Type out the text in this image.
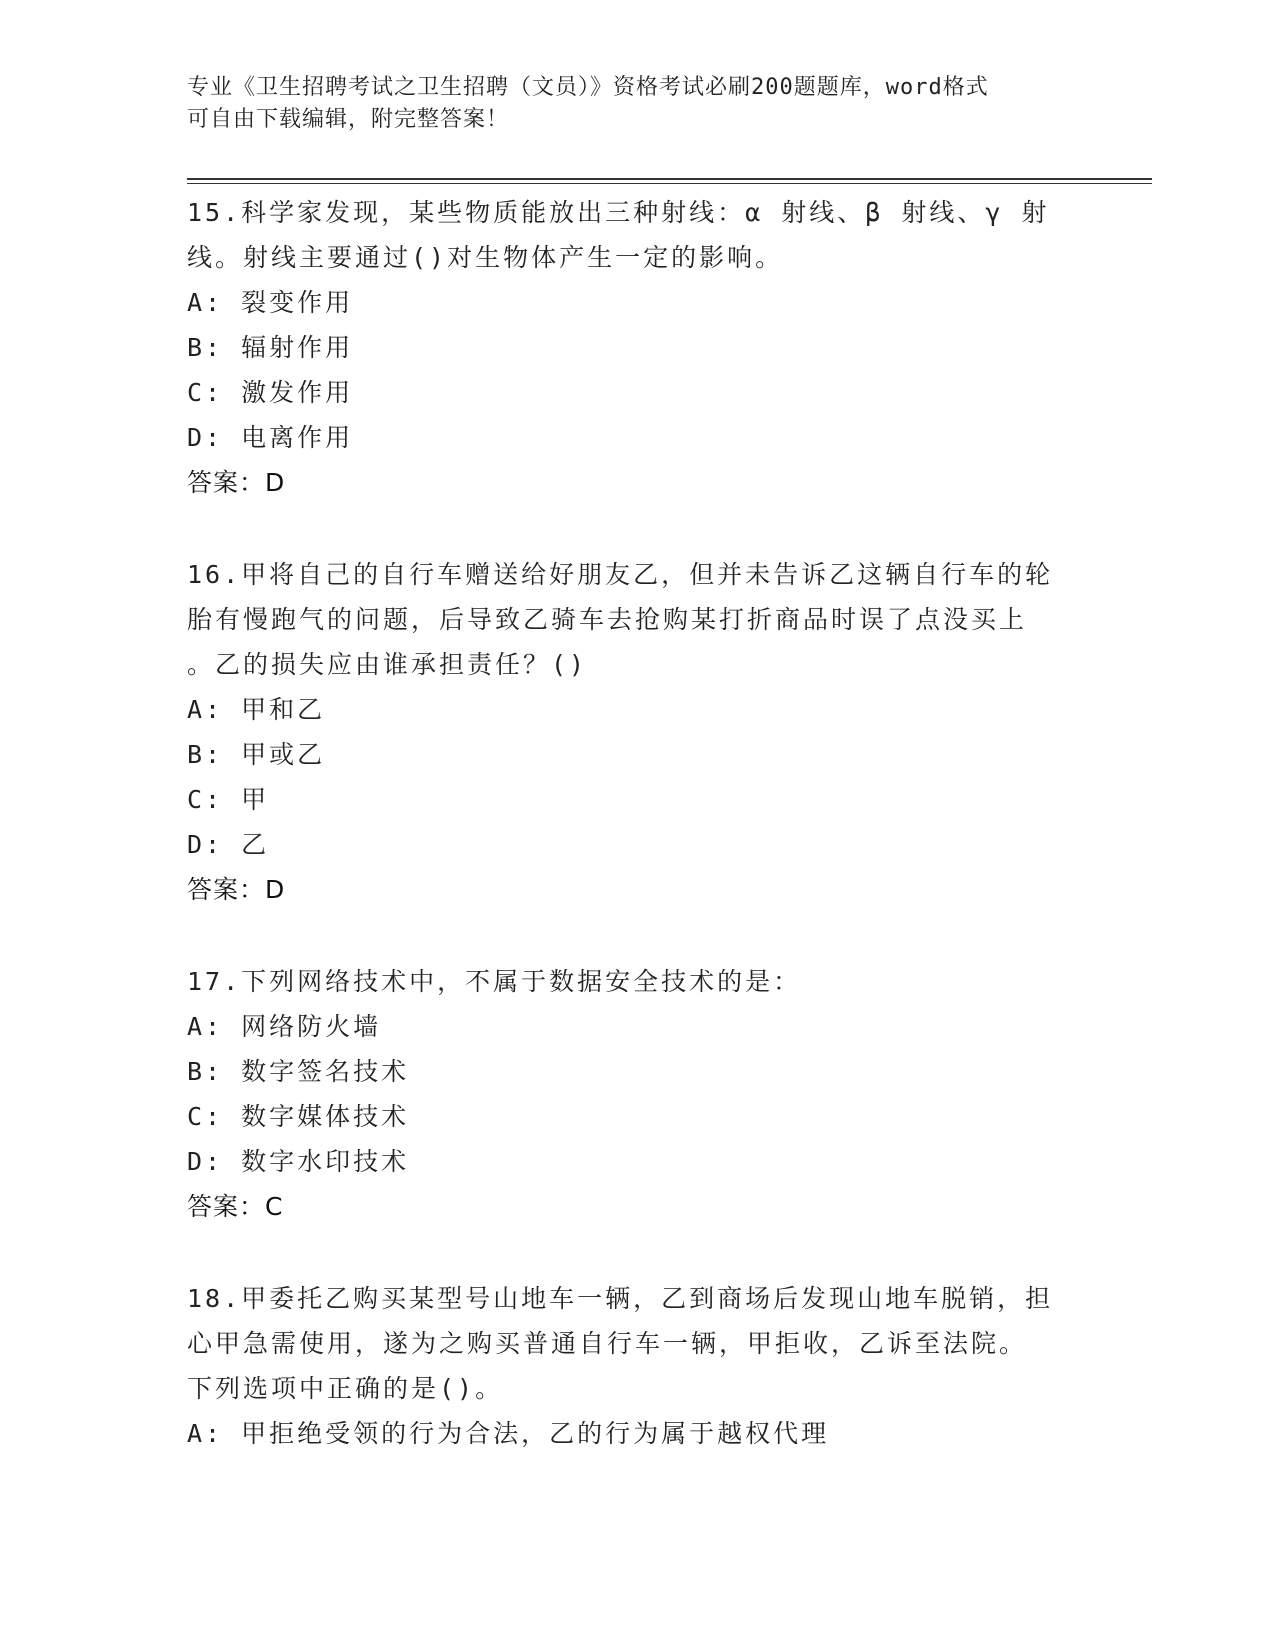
专业《卫生招聘考试之卫生招聘（文员）》资格考试必刷200题题库，word格式
可自由下载编辑，附完整答案！
15.科学家发现，某些物质能放出三种射线：α 射线、β 射线、γ 射
线。射线主要通过()对生物体产生一定的影响。
A: 裂变作用
B: 辐射作用
C: 激发作用
D: 电离作用
答案：D
16.甲将自己的自行车赠送给好朋友乙，但并未告诉乙这辆自行车的轮
胎有慢跑气的问题，后导致乙骑车去抢购某打折商品时误了点没买上
。乙的损失应由谁承担责任？()
A: 甲和乙
B: 甲或乙
C: 甲
D: 乙
答案：D
17.下列网络技术中，不属于数据安全技术的是：
A: 网络防火墙
B: 数字签名技术
C: 数字媒体技术
D: 数字水印技术
答案：C
18.甲委托乙购买某型号山地车一辆，乙到商场后发现山地车脱销，担
心甲急需使用，遂为之购买普通自行车一辆，甲拒收，乙诉至法院。
下列选项中正确的是()。
A: 甲拒绝受领的行为合法，乙的行为属于越权代理
